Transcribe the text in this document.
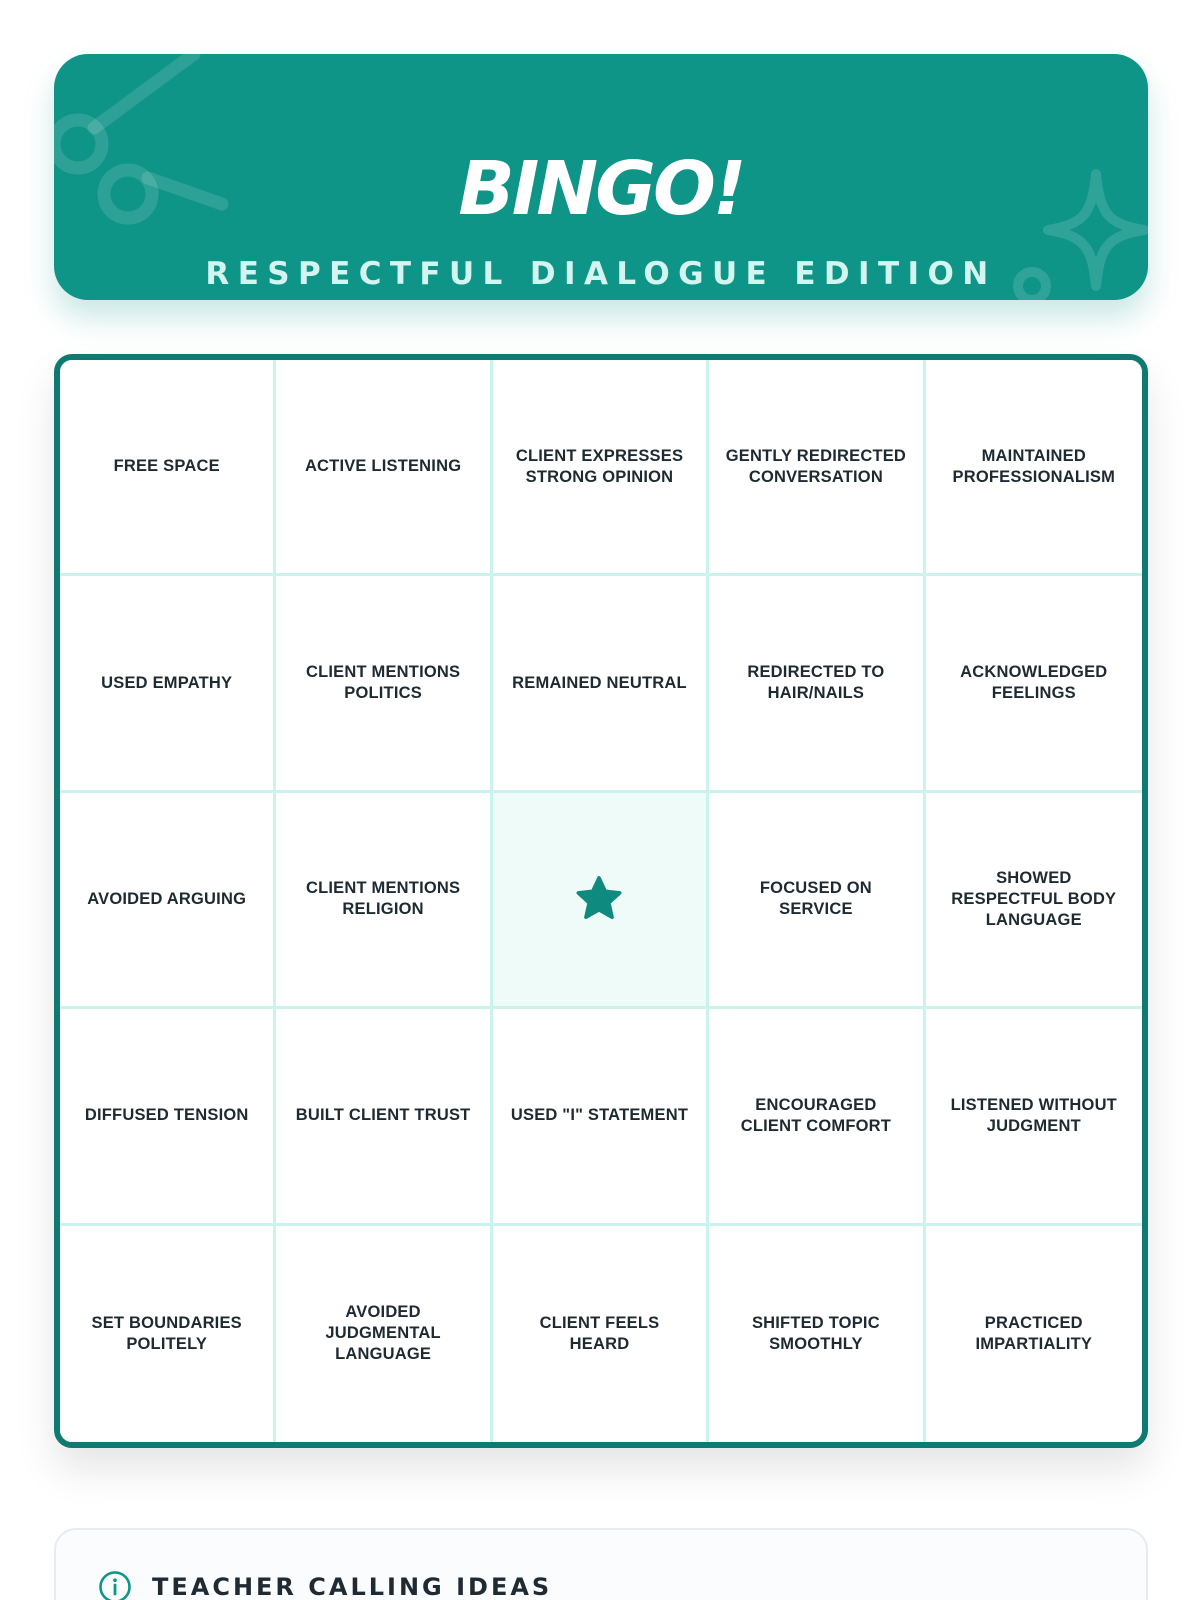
BINGO!
RESPECTFUL DIALOGUE EDITION
FREE SPACE	ACTIVE LISTENING
CLIENT EXPRESSES STRONG OPINION
GENTLY REDIRECTED CONVERSATION
MAINTAINED PROFESSIONALISM
USED EMPATHY
CLIENT MENTIONS POLITICS
REMAINED NEUTRAL
REDIRECTED TO HAIR/NAILS
ACKNOWLEDGED FEELINGS
AVOIDED ARGUING
CLIENT MENTIONS RELIGION
FOCUSED ON SERVICE
SHOWED RESPECTFUL BODY LANGUAGE
DIFFUSED TENSION	BUILT CLIENT TRUST USED "I" STATEMENT
ENCOURAGED CLIENT COMFORT
LISTENED WITHOUT JUDGMENT
SET BOUNDARIES POLITELY
AVOIDED JUDGMENTAL LANGUAGE
CLIENT FEELS HEARD
SHIFTED TOPIC SMOOTHLY
PRACTICED IMPARTIALITY
TEACHER CALLING IDEAS
